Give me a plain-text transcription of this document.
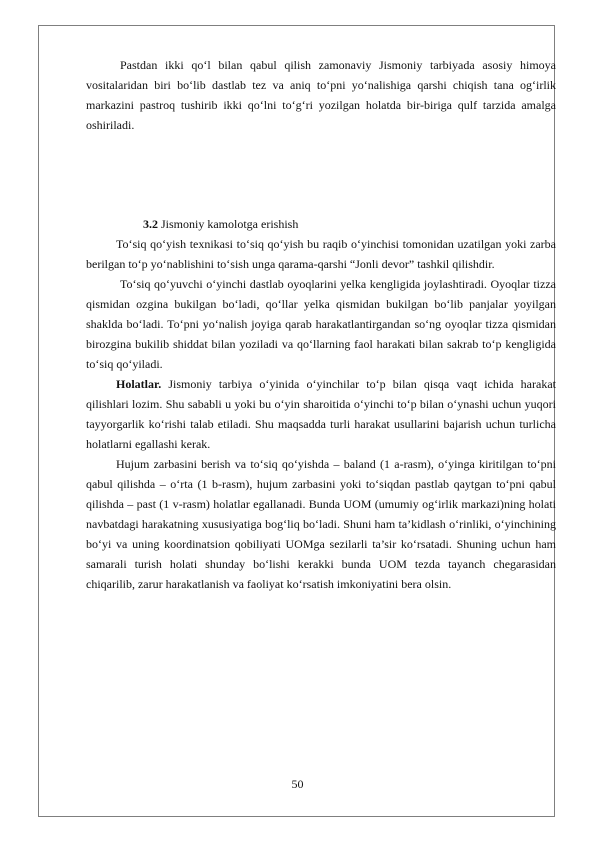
Pastdan ikki qo‘l bilan qabul qilish zamonaviy Jismoniy tarbiyada asosiy himoya vositalaridan biri bo‘lib dastlab tez va aniq to‘pni yo‘nalishiga qarshi chiqish tana og‘irlik markazini pastroq tushirib ikki qo‘lni to‘g‘ri yozilgan holatda bir-biriga qulf tarzida amalga oshiriladi.

3.2 Jismoniy kamolotga erishish

To‘siq qo‘yish texnikasi to‘siq qo‘yish bu raqib o‘yinchisi tomonidan uzatilgan yoki zarba berilgan to‘p yo‘nablishini to‘sish unga qarama-qarshi “Jonli devor” tashkil qilishdir.

To‘siq qo‘yuvchi o‘yinchi dastlab oyoqlarini yelka kengligida joylashtiradi. Oyoqlar tizza qismidan ozgina bukilgan bo‘ladi, qo‘llar yelka qismidan bukilgan bo‘lib panjalar yoyilgan shaklda bo‘ladi. To‘pni yo‘nalish joyiga qarab harakatlantirgandan so‘ng oyoqlar tizza qismidan birozgina bukilib shiddat bilan yoziladi va qo‘llarning faol harakati bilan sakrab to‘p kengligida to‘siq qo‘yiladi.

Holatlar. Jismoniy tarbiya o‘yinida o‘yinchilar to‘p bilan qisqa vaqt ichida harakat qilishlari lozim. Shu sababli u yoki bu o‘yin sharoitida o‘yinchi to‘p bilan o‘ynashi uchun yuqori tayyorgarlik ko‘rishi talab etiladi. Shu maqsadda turli harakat usullarini bajarish uchun turlicha holatlarni egallashi kerak.

Hujum zarbasini berish va to‘siq qo‘yishda – baland (1 a-rasm), o‘yinga kiritilgan to‘pni qabul qilishda – o‘rta (1 b-rasm), hujum zarbasini yoki to‘siqdan pastlab qaytgan to‘pni qabul qilishda – past (1 v-rasm) holatlar egallanadi. Bunda UOM (umumiy og‘irlik markazi)ning holati navbatdagi harakatning xususiyatiga bog‘liq bo‘ladi. Shuni ham ta’kidlash o‘rinliki, o‘yinchining bo‘yi va uning koordinatsion qobiliyati UOMga sezilarli ta’sir ko‘rsatadi. Shuning uchun ham samarali turish holati shunday bo‘lishi kerakki bunda UOM tezda tayanch chegarasidan chiqarilib, zarur harakatlanish va faoliyat ko‘rsatish imkoniyatini bera olsin.

50
